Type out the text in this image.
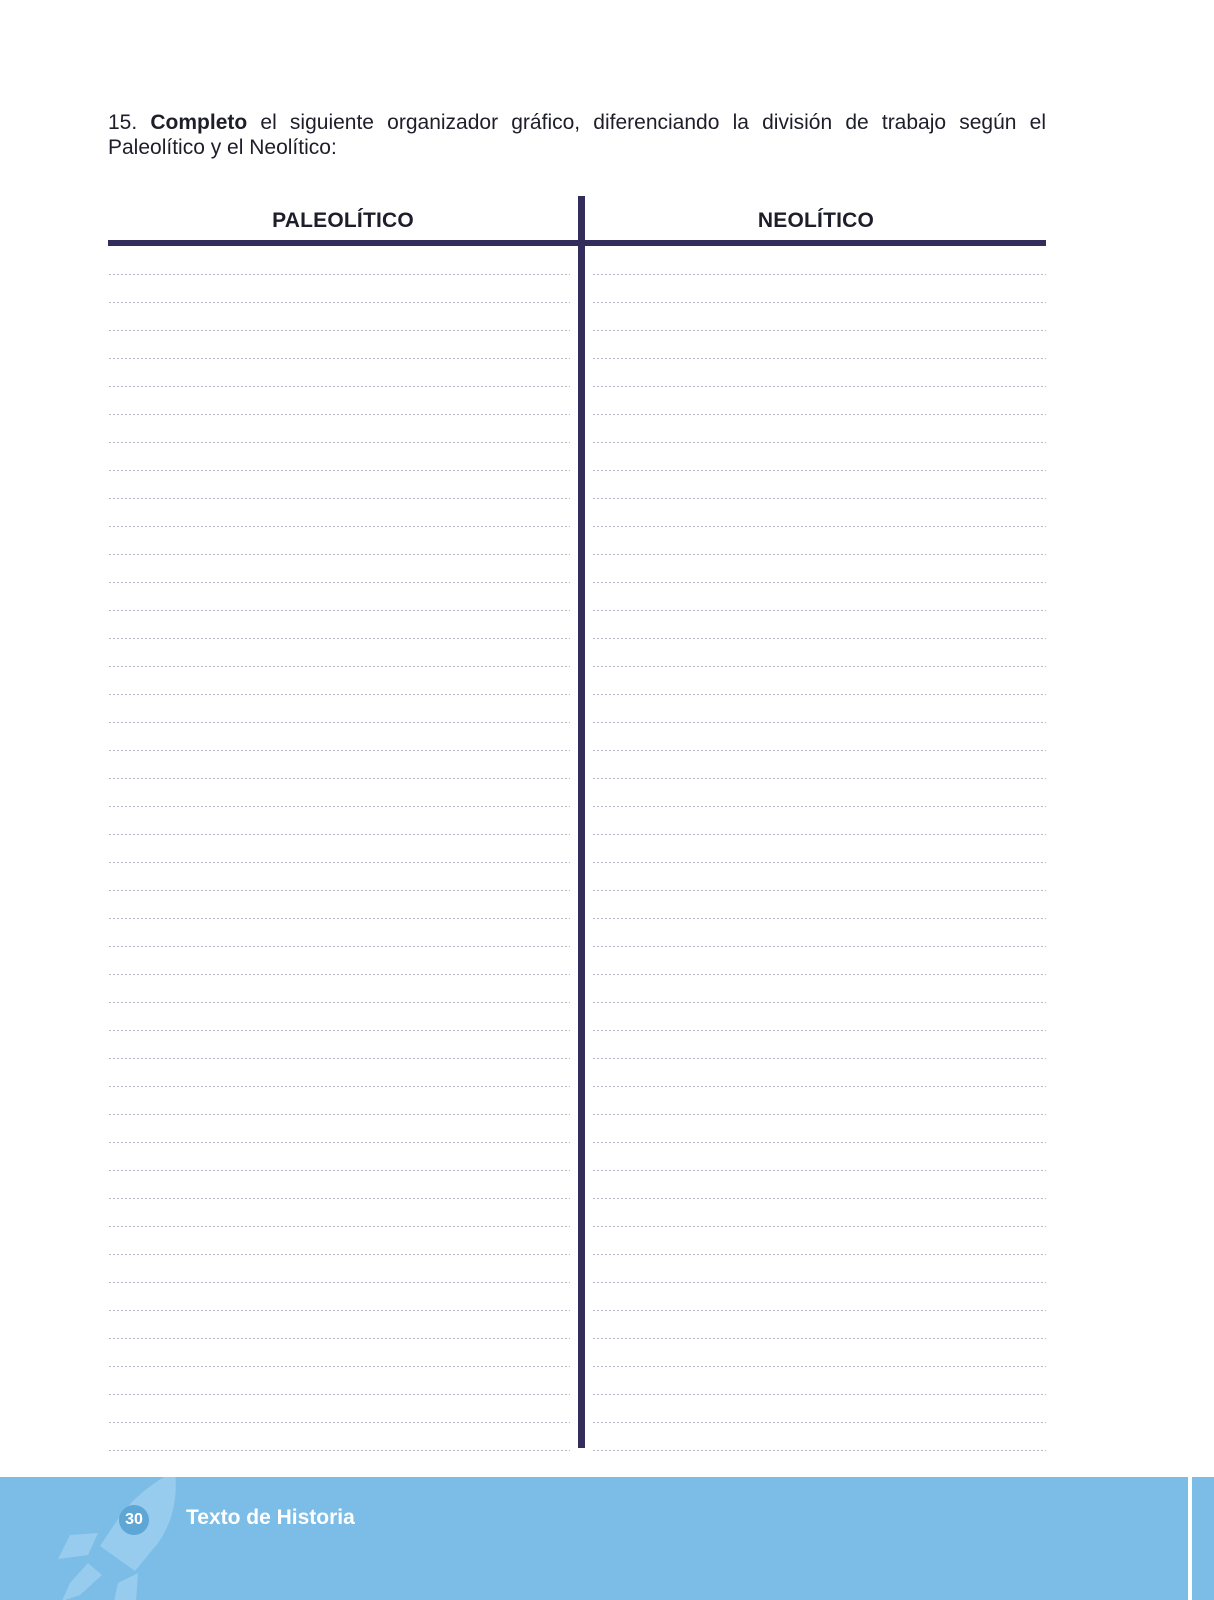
15. Completo el siguiente organizador gráfico, diferenciando la división de trabajo según el Paleolítico y el Neolítico:
PALEOLÍTICO	NEOLÍTICO
30 Texto de Historia
